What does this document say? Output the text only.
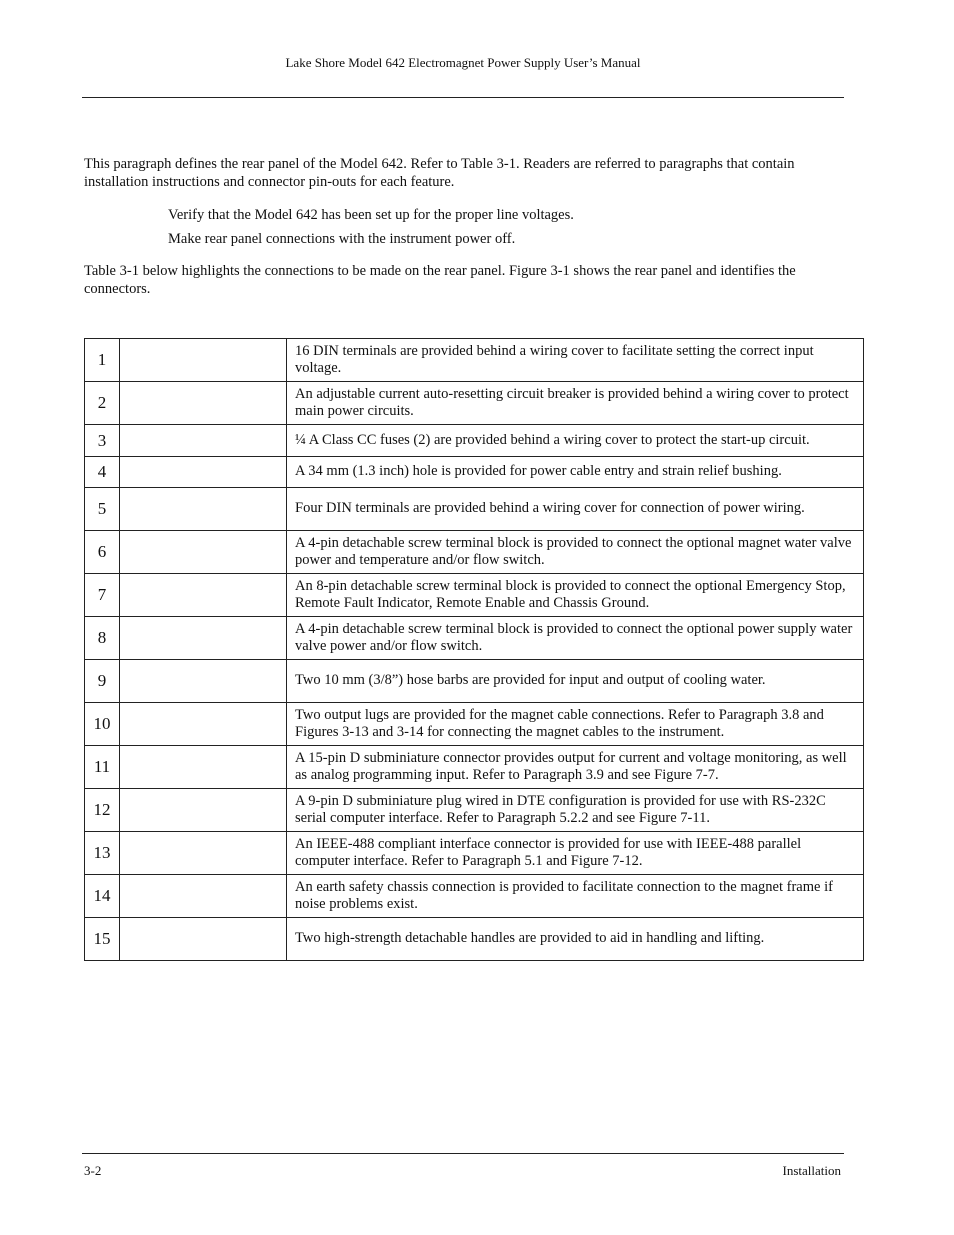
Lake Shore Model 642 Electromagnet Power Supply User’s Manual
This paragraph defines the rear panel of the Model 642. Refer to Table 3-1. Readers are referred to paragraphs that contain installation instructions and connector pin-outs for each feature.
Verify that the Model 642 has been set up for the proper line voltages.
Make rear panel connections with the instrument power off.
Table 3-1 below highlights the connections to be made on the rear panel. Figure 3-1 shows the rear panel and identifies the connectors.
1		16 DIN terminals are provided behind a wiring cover to facilitate setting the correct input voltage.
2		An adjustable current auto-resetting circuit breaker is provided behind a wiring cover to protect main power circuits.
3		¼ A Class CC fuses (2) are provided behind a wiring cover to protect the start-up circuit.
4		A 34 mm (1.3 inch) hole is provided for power cable entry and strain relief bushing.
5		Four DIN terminals are provided behind a wiring cover for connection of power wiring.
6		A 4-pin detachable screw terminal block is provided to connect the optional magnet water valve power and temperature and/or flow switch.
7		An 8-pin detachable screw terminal block is provided to connect the optional Emergency Stop, Remote Fault Indicator, Remote Enable and Chassis Ground.
8		A 4-pin detachable screw terminal block is provided to connect the optional power supply water valve power and/or flow switch.
9		Two 10 mm (3/8”) hose barbs are provided for input and output of cooling water.
10		Two output lugs are provided for the magnet cable connections. Refer to Paragraph 3.8 and Figures 3-13 and 3-14 for connecting the magnet cables to the instrument.
11		A 15-pin D subminiature connector provides output for current and voltage monitoring, as well as analog programming input. Refer to Paragraph 3.9 and see Figure 7-7.
12		A 9-pin D subminiature plug wired in DTE configuration is provided for use with RS-232C serial computer interface. Refer to Paragraph 5.2.2 and see Figure 7-11.
13		An IEEE-488 compliant interface connector is provided for use with IEEE-488 parallel computer interface. Refer to Paragraph 5.1 and Figure 7-12.
14		An earth safety chassis connection is provided to facilitate connection to the magnet frame if noise problems exist.
15		Two high-strength detachable handles are provided to aid in handling and lifting.
3-2	Installation
